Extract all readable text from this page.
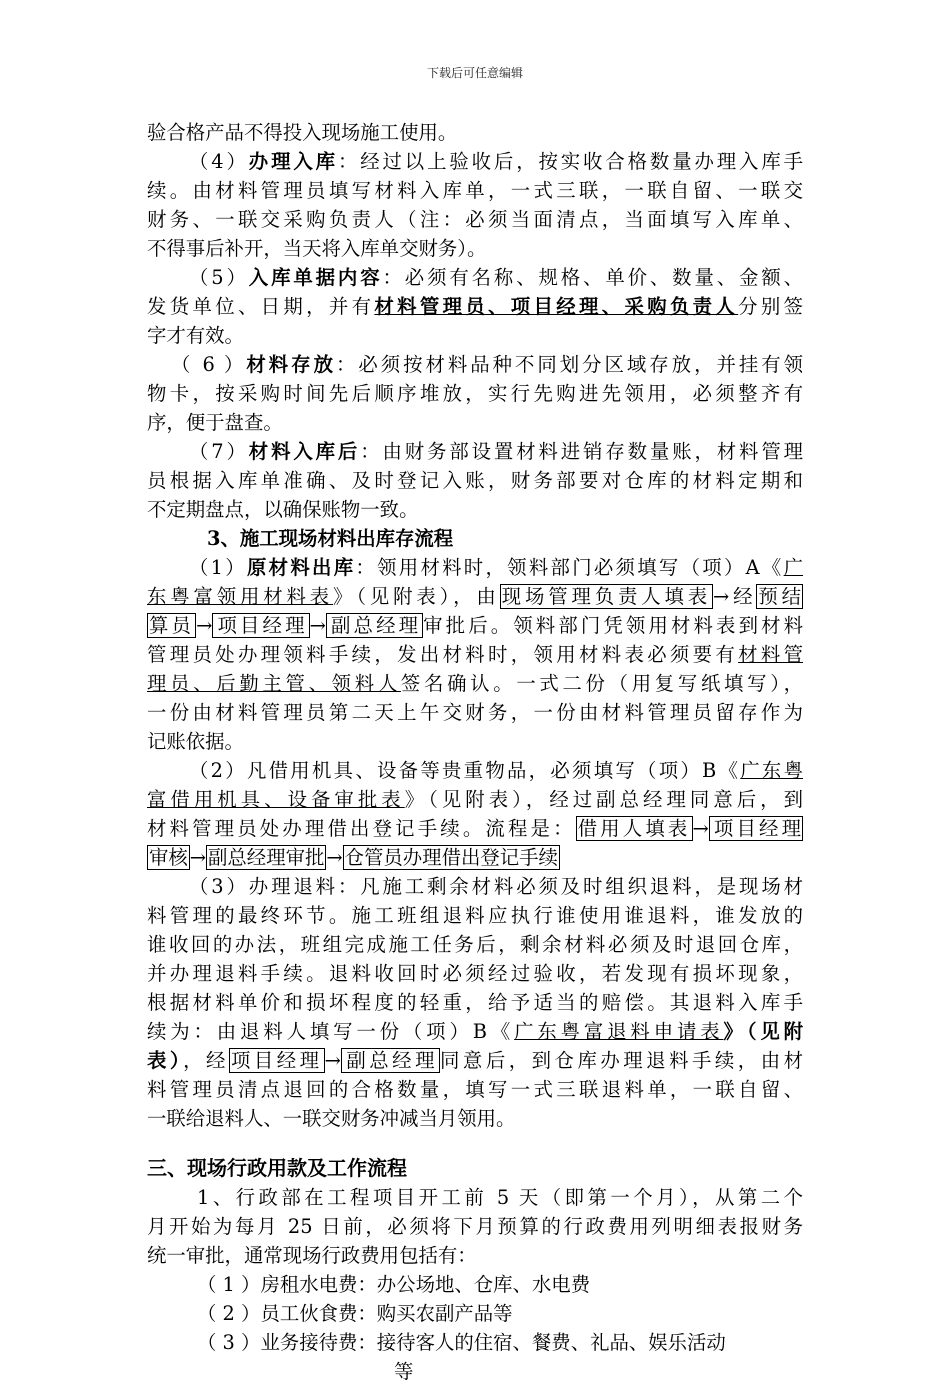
下载后可任意编辑
验合格产品不得投入现场施工使用。
（4）办理入库：经过以上验收后，按实收合格数量办理入库手
续。由材料管理员填写材料入库单，一式三联，一联自留、一联交
财务、一联交采购负责人（注：必须当面清点，当面填写入库单、
不得事后补开，当天将入库单交财务）。
（5）入库单据内容：必须有名称、规格、单价、数量、金额、
发货单位、日期，并有材料管理员、项目经理、采购负责人分别签
字才有效。
（ 6 ）材料存放：必须按材料品种不同划分区域存放，并挂有领
物卡，按采购时间先后顺序堆放，实行先购进先领用，必须整齐有
序，便于盘查。
（7）材料入库后：由财务部设置材料进销存数量账，材料管理
员根据入库单准确、及时登记入账，财务部要对仓库的材料定期和
不定期盘点，以确保账物一致。
3、施工现场材料出库存流程
（1）原材料出库：领用材料时，领料部门必须填写（项）A《广
东粤富领用材料表》（见附表），由 现场管理负责人填表 →经 预结
算员 → 项目经理 → 副总经理 审批后。领料部门凭领用材料表到材料
管理员处办理领料手续，发出材料时，领用材料表必须要有材料管
理员、后勤主管、领料人签名确认。一式二份（用复写纸填写），
一份由材料管理员第二天上午交财务，一份由材料管理员留存作为
记账依据。
（2）凡借用机具、设备等贵重物品，必须填写（项）B《广东粤
富借用机具、设备审批表》（见附表），经过副总经理同意后，到
材料管理员处办理借出登记手续。流程是： 借用人填表 → 项目经理
审核 → 副总经理审批 → 仓管员办理借出登记手续
（3）办理退料：凡施工剩余材料必须及时组织退料，是现场材
料管理的最终环节。施工班组退料应执行谁使用谁退料，谁发放的
谁收回的办法，班组完成施工任务后，剩余材料必须及时退回仓库，
并办理退料手续。退料收回时必须经过验收，若发现有损坏现象，
根据材料单价和损坏程度的轻重，给予适当的赔偿。其退料入库手
续为：由退料人填写一份（项）B《广东粤富退料申请表》（见附
表），经 项目经理 → 副总经理 同意后，到仓库办理退料手续，由材
料管理员清点退回的合格数量，填写一式三联退料单，一联自留、
一联给退料人、一联交财务冲减当月领用。
三、现场行政用款及工作流程
1、行政部在工程项目开工前 5 天（即第一个月），从第二个
月开始为每月 25 日前，必须将下月预算的行政费用列明细表报财务
统一审批，通常现场行政费用包括有：
（ 1 ）房租水电费：办公场地、仓库、水电费
（ 2 ）员工伙食费：购买农副产品等
（ 3 ）业务接待费：接待客人的住宿、餐费、礼品、娱乐活动
等
